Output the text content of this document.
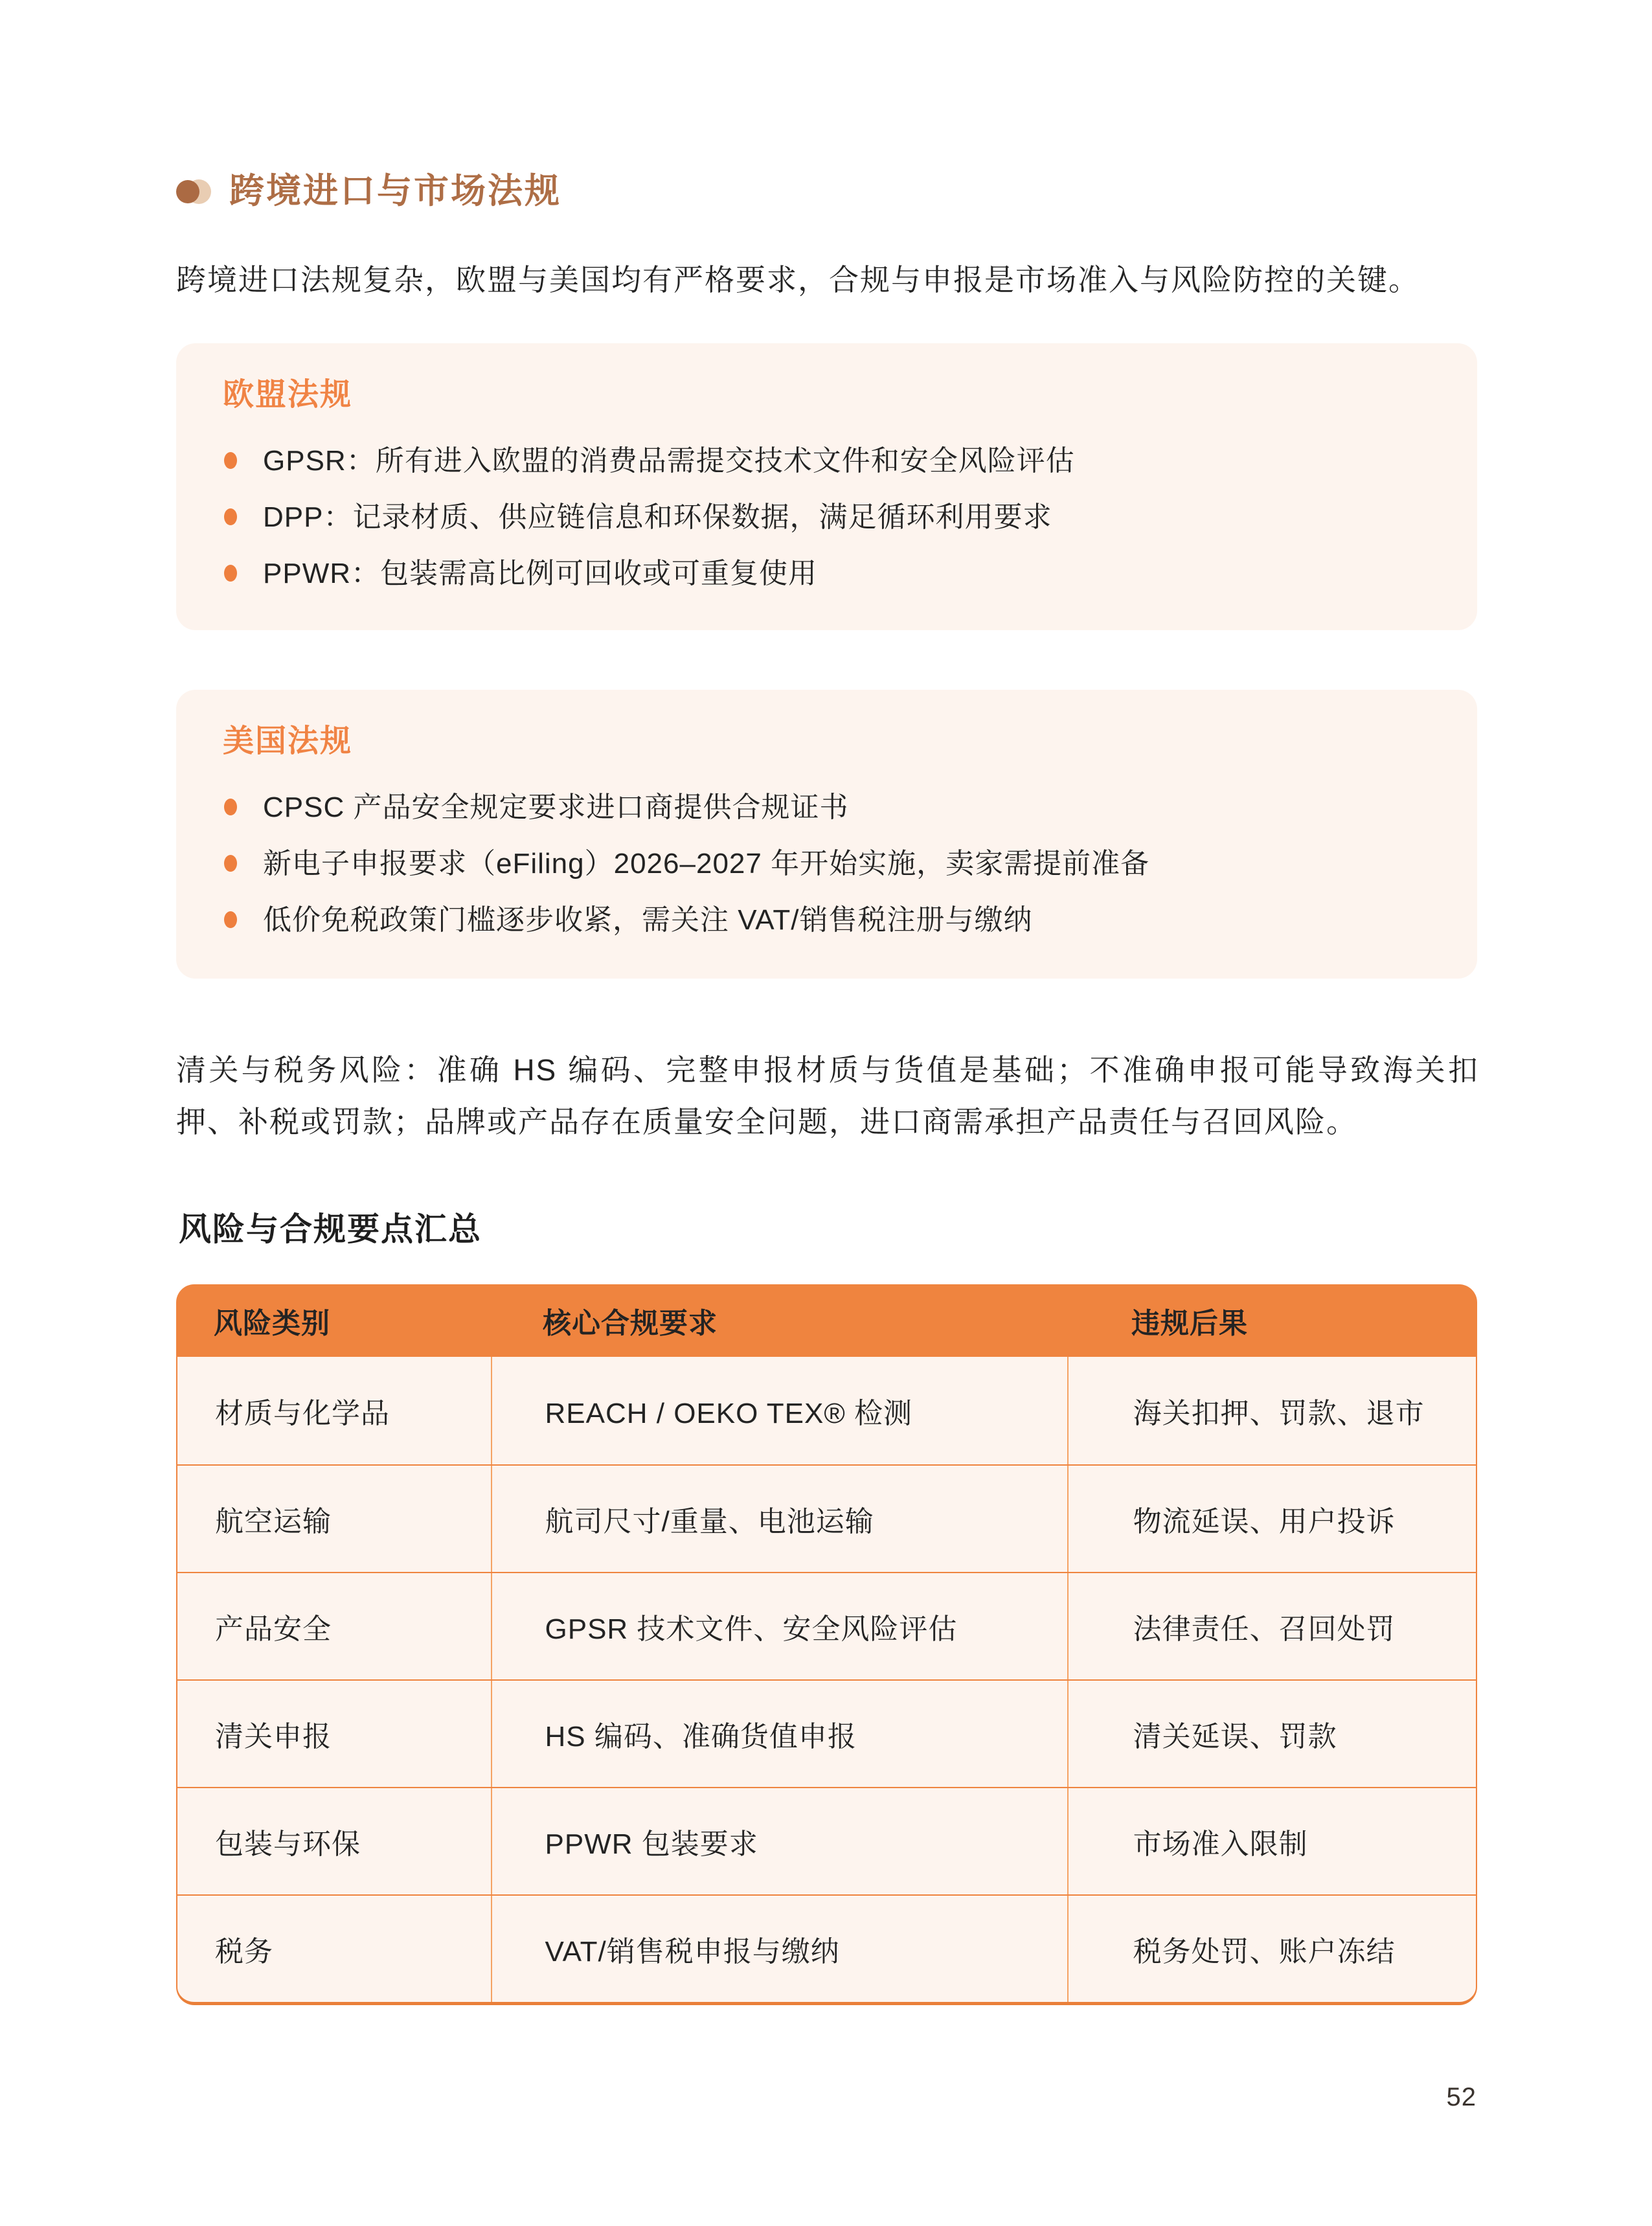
跨境进口与市场法规

跨境进口法规复杂，欧盟与美国均有严格要求，合规与申报是市场准入与风险防控的关键。

欧盟法规
GPSR：所有进入欧盟的消费品需提交技术文件和安全风险评估
DPP：记录材质、供应链信息和环保数据，满足循环利用要求
PPWR：包装需高比例可回收或可重复使用
美国法规
CPSC 产品安全规定要求进口商提供合规证书
新电子申报要求（eFiling）2026–2027 年开始实施，卖家需提前准备
低价免税政策门槛逐步收紧，需关注 VAT/销售税注册与缴纳

清关与税务风险：准确 HS 编码、完整申报材质与货值是基础；不准确申报可能导致海关扣押、补税或罚款；品牌或产品存在质量安全问题，进口商需承担产品责任与召回风险。

风险与合规要点汇总
风险类别	核心合规要求	违规后果
材质与化学品	REACH / OEKO TEX® 检测	海关扣押、罚款、退市
航空运输	航司尺寸/重量、电池运输	物流延误、用户投诉
产品安全	GPSR 技术文件、安全风险评估	法律责任、召回处罚
清关申报	HS 编码、准确货值申报	清关延误、罚款
包装与环保	PPWR 包装要求	市场准入限制
税务	VAT/销售税申报与缴纳	税务处罚、账户冻结
52
